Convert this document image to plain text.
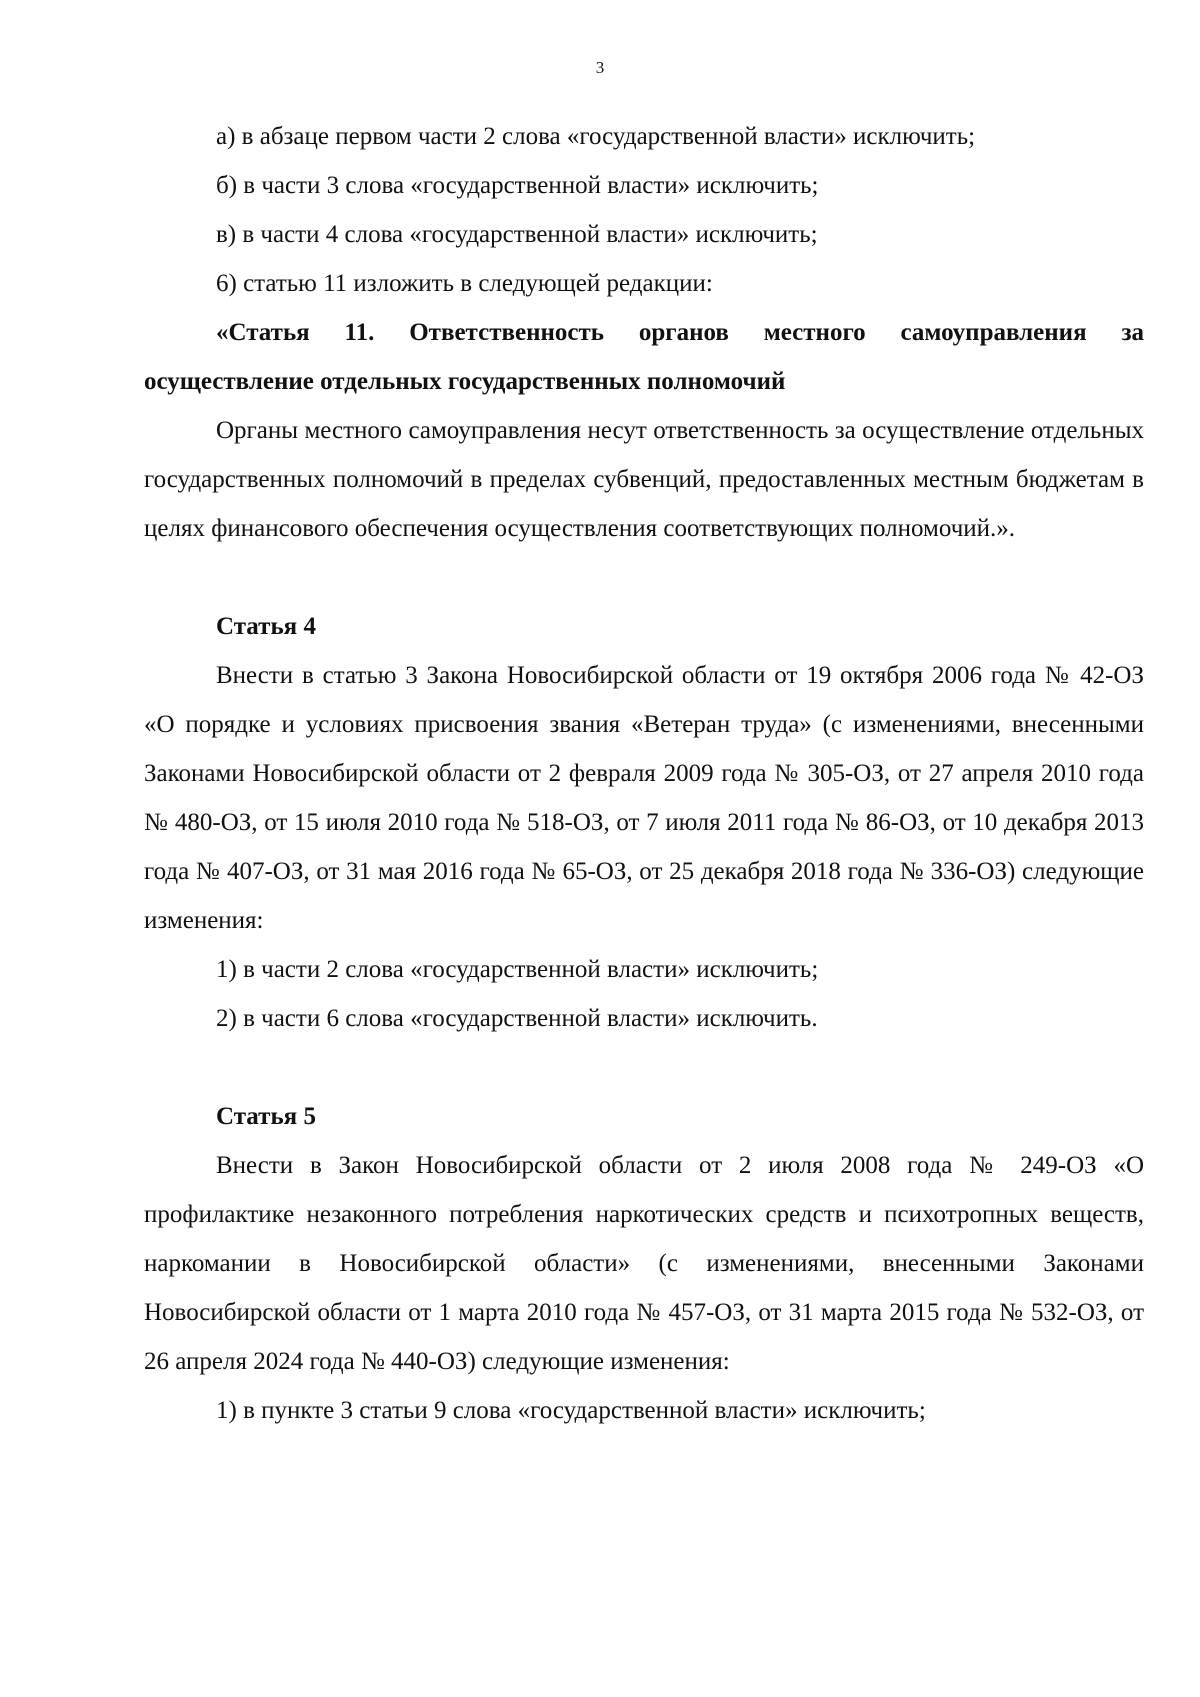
3

а) в абзаце первом части 2 слова «государственной власти» исключить;

б) в части 3 слова «государственной власти» исключить;

в) в части 4 слова «государственной власти» исключить;

6) статью 11 изложить в следующей редакции:

«Статья 11. Ответственность органов местного самоуправления за осуществление отдельных государственных полномочий

Органы местного самоуправления несут ответственность за осуществление отдельных государственных полномочий в пределах субвенций, предоставленных местным бюджетам в целях финансового обеспечения осуществления соответствующих полномочий.».

Статья 4

Внести в статью 3 Закона Новосибирской области от 19 октября 2006 года № 42-ОЗ «О порядке и условиях присвоения звания «Ветеран труда» (с изменениями, внесенными Законами Новосибирской области от 2 февраля 2009 года № 305-ОЗ, от 27 апреля 2010 года № 480-ОЗ, от 15 июля 2010 года № 518-ОЗ, от 7 июля 2011 года № 86-ОЗ, от 10 декабря 2013 года № 407-ОЗ, от 31 мая 2016 года № 65-ОЗ, от 25 декабря 2018 года № 336-ОЗ) следующие изменения:

1) в части 2 слова «государственной власти» исключить;

2) в части 6 слова «государственной власти» исключить.

Статья 5

Внести в Закон Новосибирской области от 2 июля 2008 года № 249-ОЗ «О профилактике незаконного потребления наркотических средств и психотропных веществ, наркомании в Новосибирской области» (с изменениями, внесенными Законами Новосибирской области от 1 марта 2010 года № 457-ОЗ, от 31 марта 2015 года № 532-ОЗ, от 26 апреля 2024 года № 440-ОЗ) следующие изменения:

1) в пункте 3 статьи 9 слова «государственной власти» исключить;
